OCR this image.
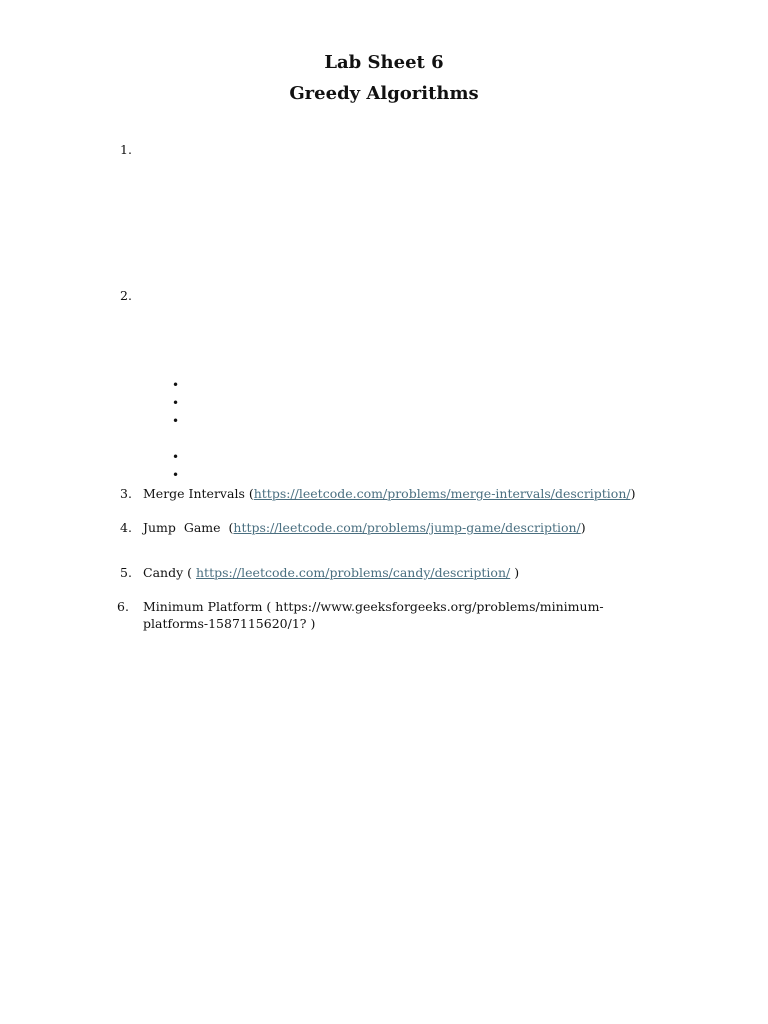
Lab Sheet 6
Greedy Algorithms
1.
2.
•
•
•
•
•
3. Merge Intervals (https://leetcode.com/problems/merge-intervals/description/)
4. Jump  Game (https://leetcode.com/problems/jump-game/description/)
5. Candy ( https://leetcode.com/problems/candy/description/ )
6. Minimum Platform ( https://www.geeksforgeeks.org/problems/minimum-platforms-1587115620/1? )
